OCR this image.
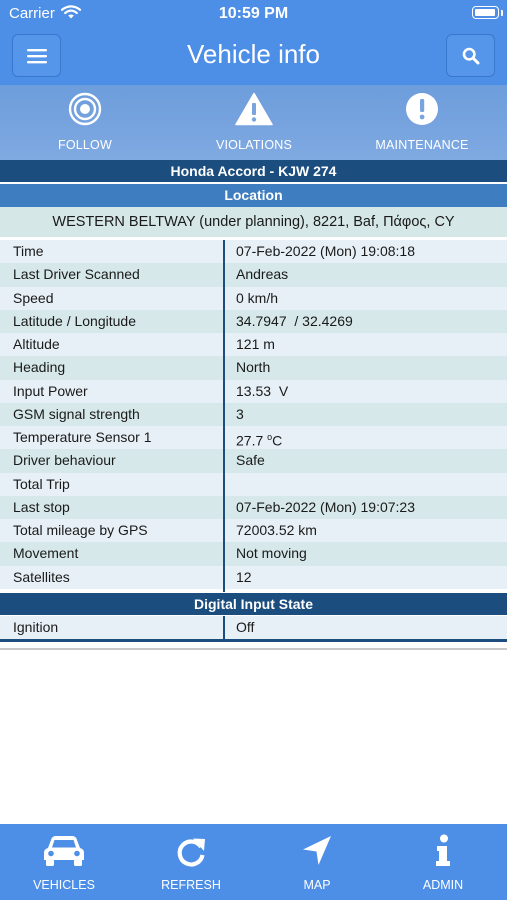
Carrier	10:59 PM
Vehicle info
FOLLOW	VIOLATIONS	MAINTENANCE
Honda Accord - KJW 274
Location
WESTERN BELTWAY (under planning), 8221, Baf, Πάφος, CY
Time	07-Feb-2022 (Mon) 19:08:18
Last Driver Scanned	Andreas
Speed	0 km/h
Latitude / Longitude	34.7947  / 32.4269
Altitude	121 m
Heading	North
Input Power	13.53  V
GSM signal strength	3
Temperature Sensor 1	27.7 $^o$C
Driver behaviour	Safe
Total Trip
Last stop	07-Feb-2022 (Mon) 19:07:23
Total mileage by GPS	72003.52 km
Movement	Not moving
Satellites	12
Digital Input State
Ignition	Off
VEHICLES	REFRESH	MAP	ADMIN
